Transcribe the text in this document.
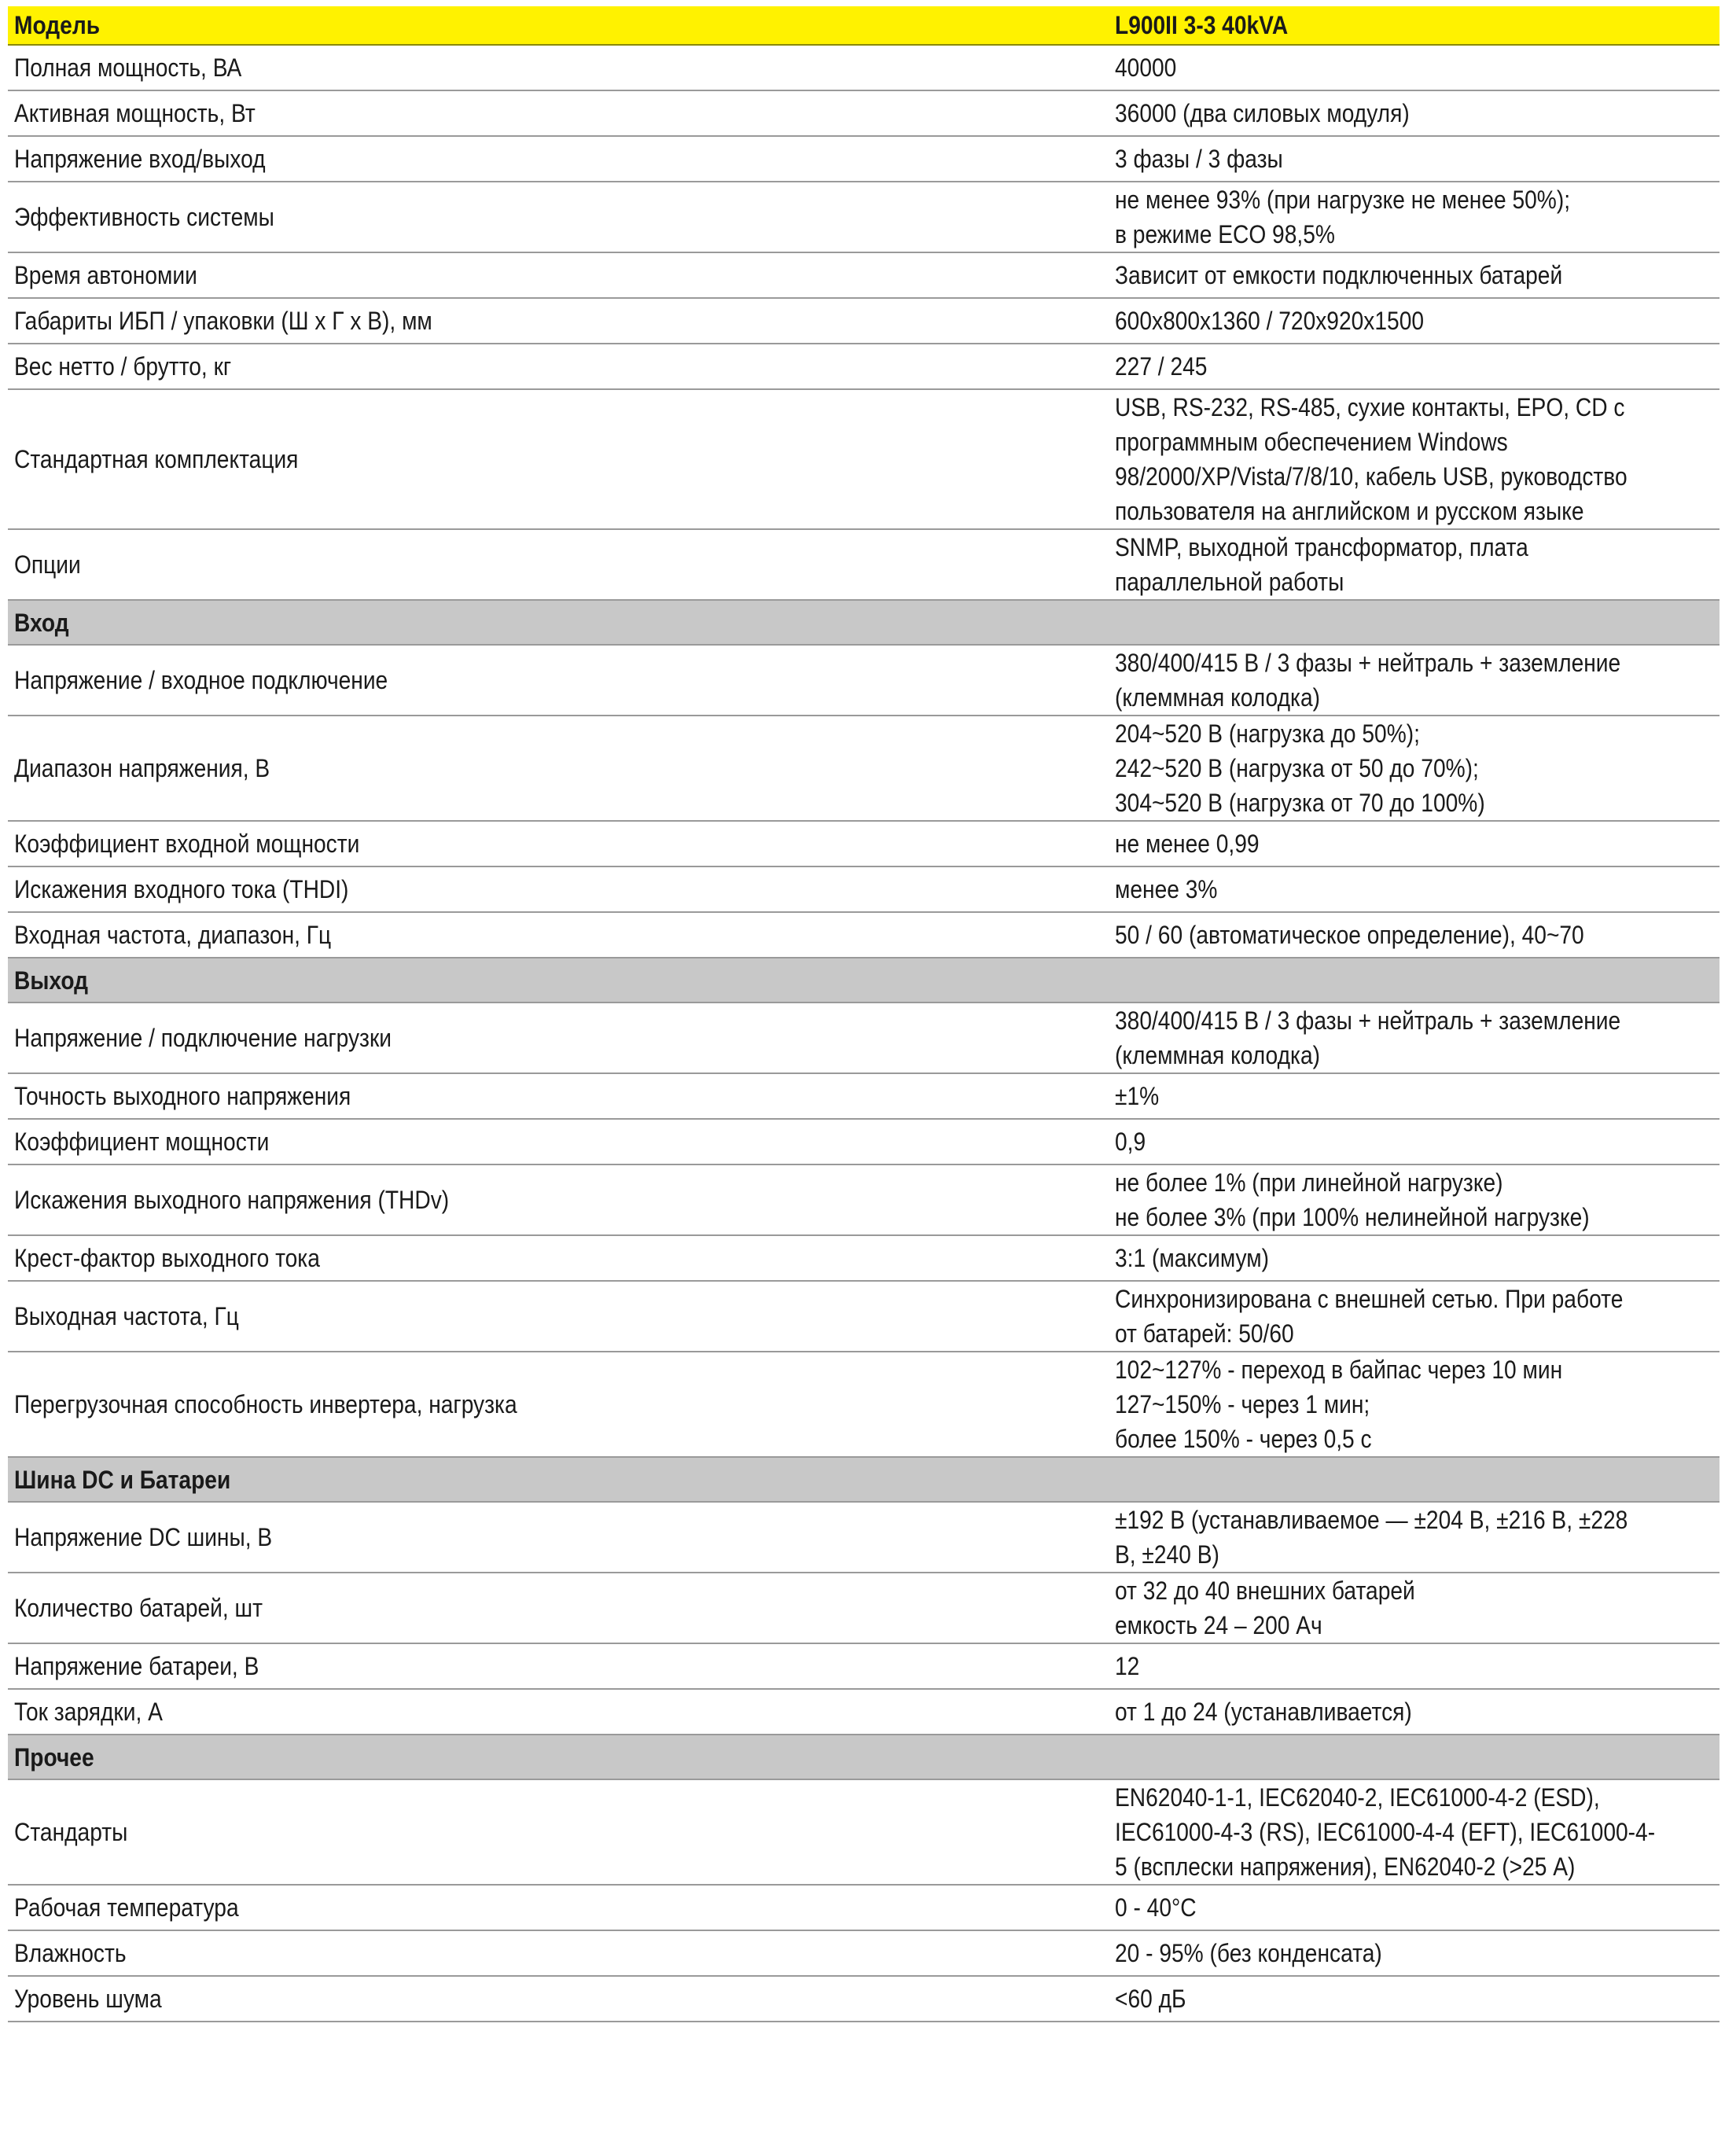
Модель	L900II 3-3 40kVA
Полная мощность, ВА	40000
Активная мощность, Вт	36000 (два силовых модуля)
Напряжение вход/выход	3 фазы / 3 фазы
Эффективность системы	не менее 93% (при нагрузке не менее 50%);
в режиме ECO 98,5%
Время автономии	Зависит от емкости подключенных батарей
Габариты ИБП / упаковки (Ш х Г х В), мм	600x800x1360 / 720x920x1500
Вес нетто / брутто, кг	227 / 245
Стандартная комплектация	USB, RS-232, RS-485, сухие контакты, EPO, CD с
программным обеспечением Windows
98/2000/XP/Vista/7/8/10, кабель USB, руководство
пользователя на английском и русском языке
Опции	SNMP, выходной трансформатор, плата
параллельной работы
Вход	
Напряжение / входное подключение	380/400/415 В / 3 фазы + нейтраль + заземление
(клеммная колодка)
Диапазон напряжения, В	204~520 В (нагрузка до 50%);
242~520 В (нагрузка от 50 до 70%);
304~520 В (нагрузка от 70 до 100%)
Коэффициент входной мощности	не менее 0,99
Искажения входного тока (THDI)	менее 3%
Входная частота, диапазон, Гц	50 / 60 (автоматическое определение), 40~70
Выход	
Напряжение / подключение нагрузки	380/400/415 В / 3 фазы + нейтраль + заземление
(клеммная колодка)
Точность выходного напряжения	±1%
Коэффициент мощности	0,9
Искажения выходного напряжения (THDv)	не более 1% (при линейной нагрузке)
не более 3% (при 100% нелинейной нагрузке)
Крест-фактор выходного тока	3:1 (максимум)
Выходная частота, Гц	Синхронизирована с внешней сетью. При работе
от батарей: 50/60
Перегрузочная способность инвертера, нагрузка	102~127% - переход в байпас через 10 мин
127~150% - через 1 мин;
более 150% - через 0,5 с
Шина DC и Батареи	
Напряжение DC шины, В	±192 В (устанавливаемое — ±204 В, ±216 В, ±228
В, ±240 В)
Количество батарей, шт	от 32 до 40 внешних батарей
емкость 24 – 200 Ач
Напряжение батареи, В	12
Ток зарядки, А	от 1 до 24 (устанавливается)
Прочее	
Стандарты	EN62040-1-1, IEC62040-2, IEC61000-4-2 (ESD),
IEC61000-4-3 (RS), IEC61000-4-4 (EFT), IEC61000-4-
5 (всплески напряжения), EN62040-2 (>25 А)
Рабочая температура	0 - 40°C
Влажность	20 - 95% (без конденсата)
Уровень шума	<60 дБ
